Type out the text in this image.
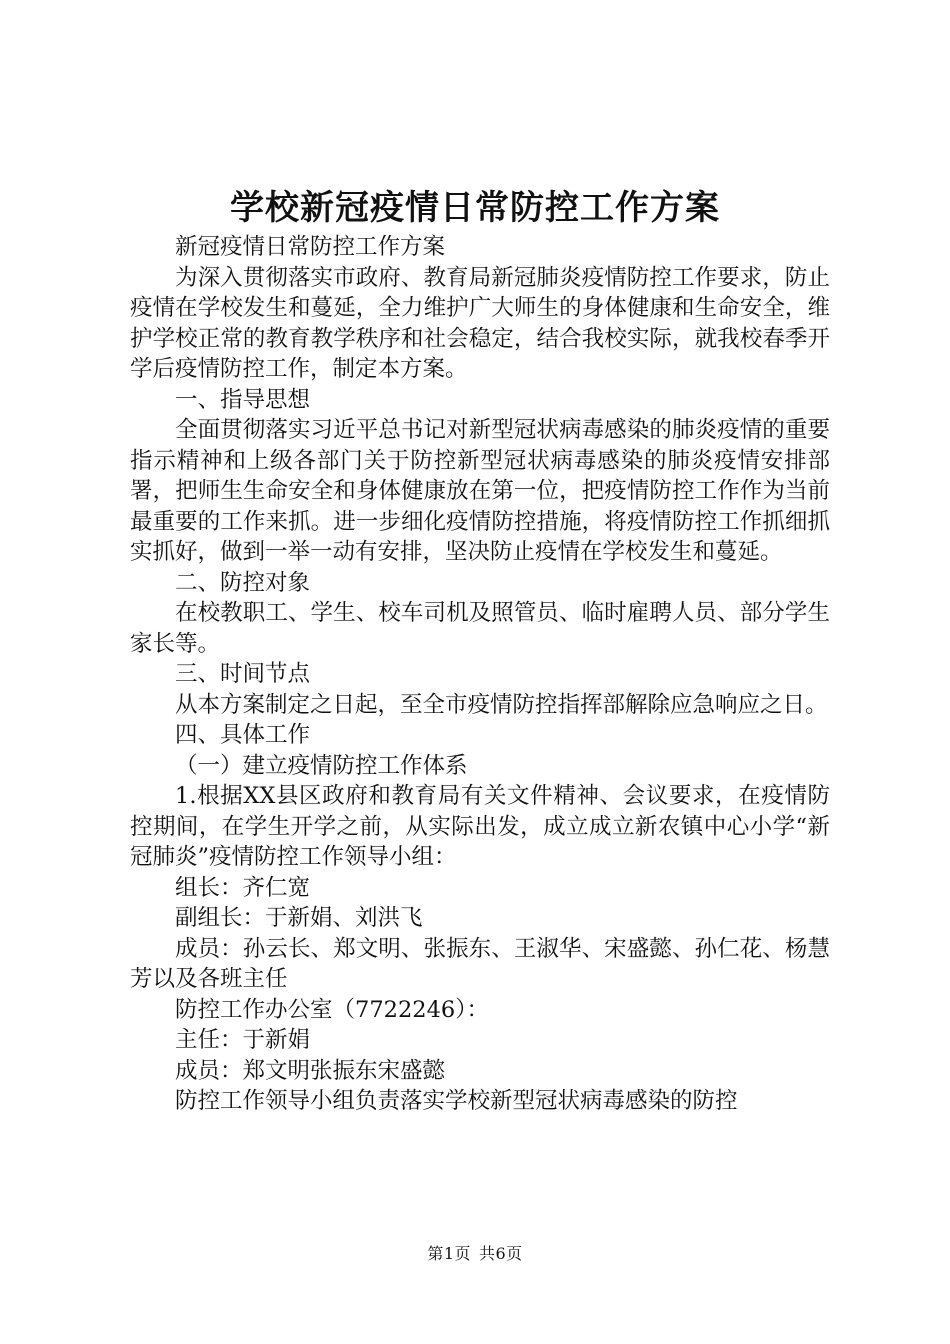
学校新冠疫情日常防控工作方案

新冠疫情日常防控工作方案

为深入贯彻落实市政府、教育局新冠肺炎疫情防控工作要求，防止疫情在学校发生和蔓延，全力维护广大师生的身体健康和生命安全，维护学校正常的教育教学秩序和社会稳定，结合我校实际，就我校春季开学后疫情防控工作，制定本方案。

一、指导思想

全面贯彻落实习近平总书记对新型冠状病毒感染的肺炎疫情的重要指示精神和上级各部门关于防控新型冠状病毒感染的肺炎疫情安排部署，把师生生命安全和身体健康放在第一位，把疫情防控工作作为当前最重要的工作来抓。进一步细化疫情防控措施，将疫情防控工作抓细抓实抓好，做到一举一动有安排，坚决防止疫情在学校发生和蔓延。

二、防控对象

在校教职工、学生、校车司机及照管员、临时雇聘人员、部分学生家长等。

三、时间节点

从本方案制定之日起，至全市疫情防控指挥部解除应急响应之日。

四、具体工作

（一）建立疫情防控工作体系

1.根据XX县区政府和教育局有关文件精神、会议要求，在疫情防控期间，在学生开学之前，从实际出发，成立成立新农镇中心小学“新冠肺炎”疫情防控工作领导小组：

组长：齐仁宽

副组长：于新娟、刘洪飞

成员：孙云长、郑文明、张振东、王淑华、宋盛懿、孙仁花、杨慧芳以及各班主任

防控工作办公室（7722246）：

主任：于新娟

成员：郑文明张振东宋盛懿

防控工作领导小组负责落实学校新型冠状病毒感染的防控

第1页 共6页
